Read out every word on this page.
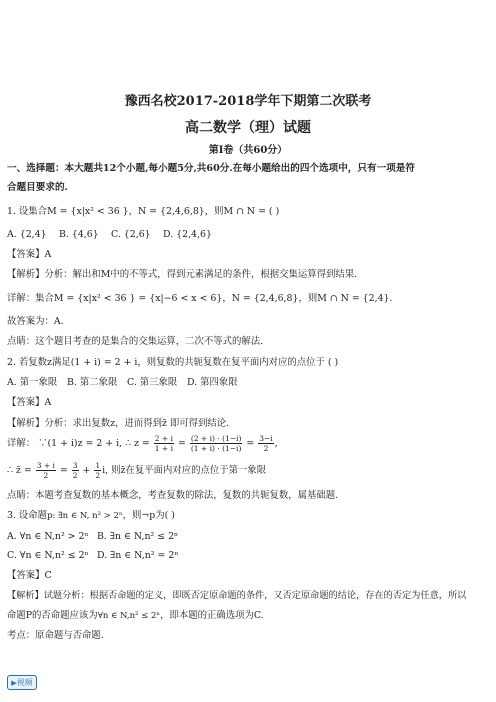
豫西名校2017-2018学年下期第二次联考
高二数学（理）试题
第I卷（共60分）
一、选择题：本大题共12个小题,每小题5分,共60分.在每小题给出的四个选项中，只有一项是符
合题目要求的.
1. 设集合M = {x|x² < 36 }，N = {2,4,6,8}，则M ∩ N = ( )
A. {2,4} B. {4,6} C. {2,6} D. {2,4,6}
【答案】A
【解析】分析：解出和M中的不等式，得到元素满足的条件，根据交集运算得到结果.
详解：集合M = {x|x² < 36 } = {x|−6 < x < 6}，N = {2,4,6,8}，则M ∩ N = {2,4}.
故答案为：A.
点睛：这个题目考查的是集合的交集运算，二次不等式的解法.
2. 若复数z满足(1 + i) = 2 + i，则复数的共轭复数在复平面内对应的点位于 ( )
A. 第一象限 B. 第二象限 C. 第三象限 D. 第四象限
【答案】A
【解析】分析：求出复数z，进而得到z̄ 即可得到结论.
详解： ∵(1 + i)z = 2 + i, ∴ $z = \frac{2 + i}{1 + i} = \frac{(2 + i) \cdot (1-i)}{(1 + i) \cdot (1-i)} = \frac{3-i}{2}$ ,
∴ z̄ = $\frac{3 + i}{2} = \frac{3}{2} + \frac{1}{2} i$, 则z̄在复平面内对应的点位于第一象限
点睛：本题考查复数的基本概念，考查复数的除法，复数的共轭复数，属基础题.
3. 设命题p: ∃n ∈ N, n² > 2ⁿ，则¬p为( )
A. ∀n ∈ N,n² > 2ⁿ B. ∃n ∈ N,n² ≤ 2ⁿ
C. ∀n ∈ N,n² ≤ 2ⁿ D. ∃n ∈ N,n² = 2ⁿ
【答案】C
【解析】试题分析：根据否命题的定义，即既否定原命题的条件，又否定原命题的结论，存在的否定为任意，所以
命题P的否命题应该为∀n ∈ N,n² ≤ 2ⁿ，即本题的正确选项为C.
考点：原命题与否命题.
▶视频
